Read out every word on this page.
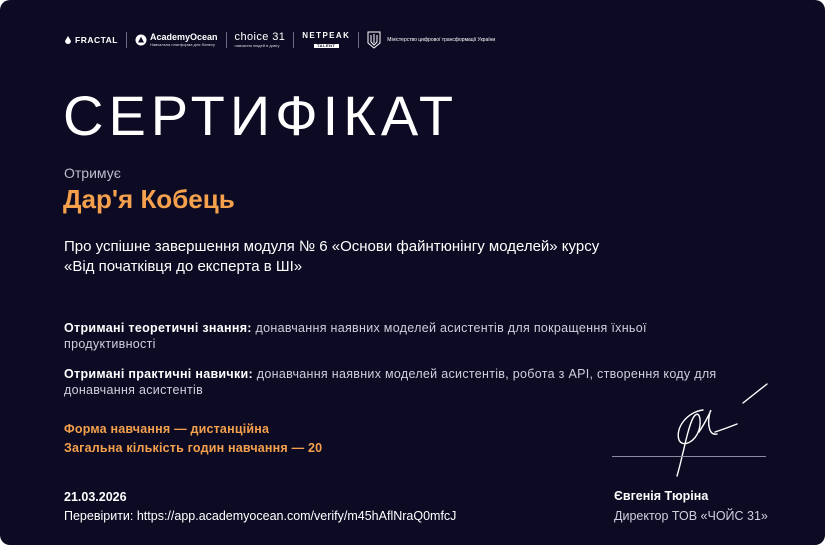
FRACTAL	AcademyOcean
Навчальна платформа для бізнесу
choice 31
навчання людей в довгу
NETPEAK
TALENT
Міністерство цифрової трансформації України
СЕРТИФІКАТ
Отримує
Дар'я Кобець
Про успішне завершення модуля № 6 «Основи файнтюнінгу моделей» курсу
«Від початківця до експерта в ШІ»
Отримані теоретичні знання: донавчання наявних моделей асистентів для покращення їхньої продуктивності
Отримані практичні навички: донавчання наявних моделей асистентів, робота з API, створення коду для донавчання асистентів
Форма навчання — дистанційна
Загальна кількість годин навчання — 20
21.03.2026
Перевірити: https://app.academyocean.com/verify/m45hAflNraQ0mfcJ
Євгенія Тюріна
Директор ТОВ «ЧОЙС 31»
